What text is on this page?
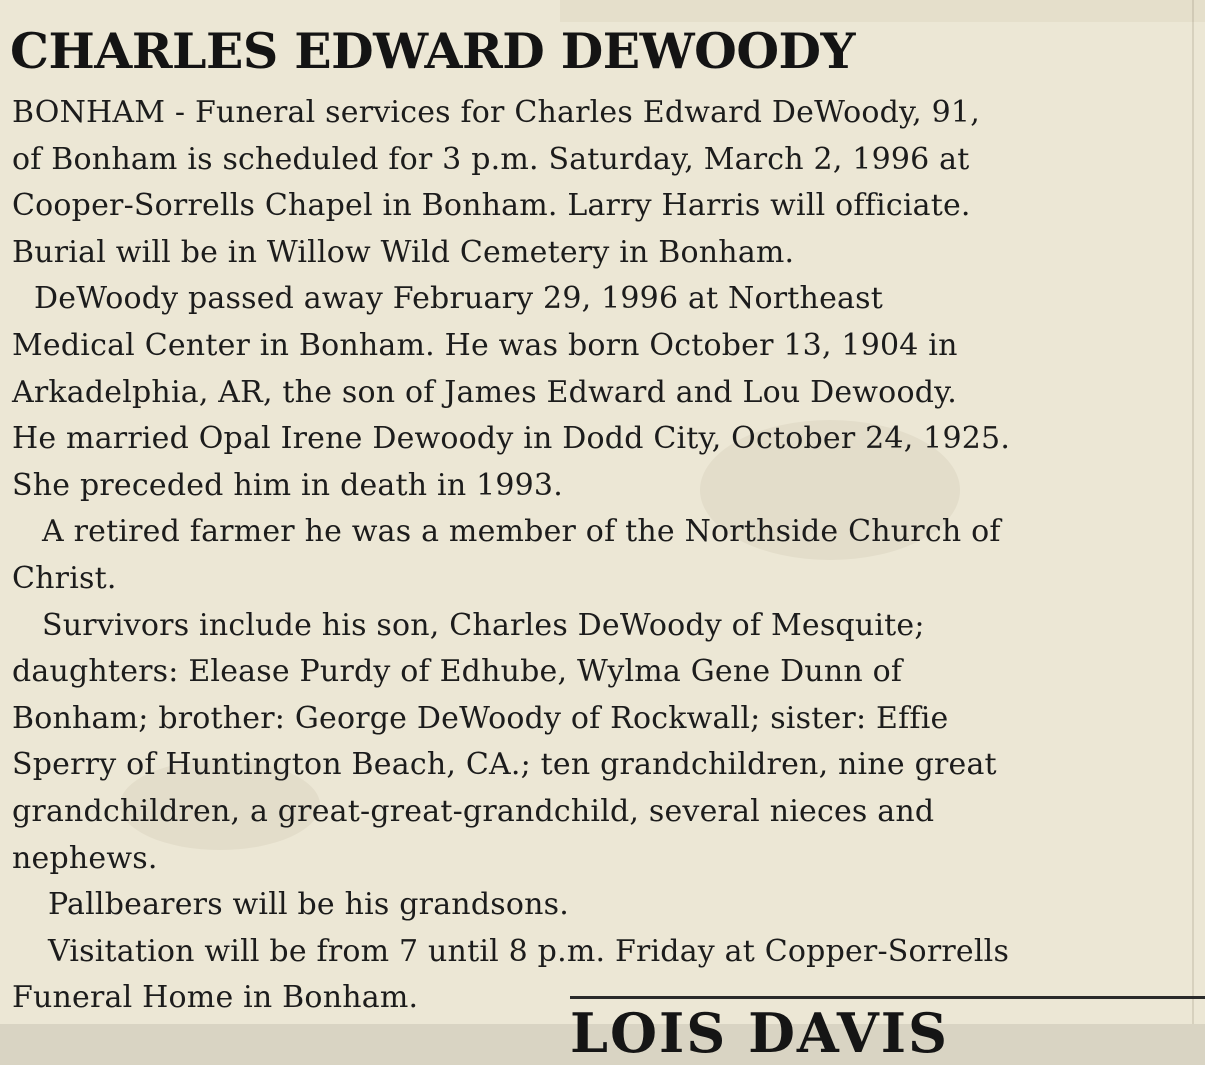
CHARLES EDWARD DEWOODY
BONHAM - Funeral services for Charles Edward DeWoody, 91,
of Bonham is scheduled for 3 p.m. Saturday, March 2, 1996 at
Cooper-Sorrells Chapel in Bonham. Larry Harris will officiate.
Burial will be in Willow Wild Cemetery in Bonham.
DeWoody passed away February 29, 1996 at Northeast
Medical Center in Bonham. He was born October 13, 1904 in
Arkadelphia, AR, the son of James Edward and Lou Dewoody.
He married Opal Irene Dewoody in Dodd City, October 24, 1925.
She preceded him in death in 1993.
A retired farmer he was a member of the Northside Church of
Christ.
Survivors include his son, Charles DeWoody of Mesquite;
daughters: Elease Purdy of Edhube, Wylma Gene Dunn of
Bonham; brother: George DeWoody of Rockwall; sister: Effie
Sperry of Huntington Beach, CA.; ten grandchildren, nine great
grandchildren, a great-great-grandchild, several nieces and
nephews.
Pallbearers will be his grandsons.
Visitation will be from 7 until 8 p.m. Friday at Copper-Sorrells
Funeral Home in Bonham.
LOIS DAVIS
